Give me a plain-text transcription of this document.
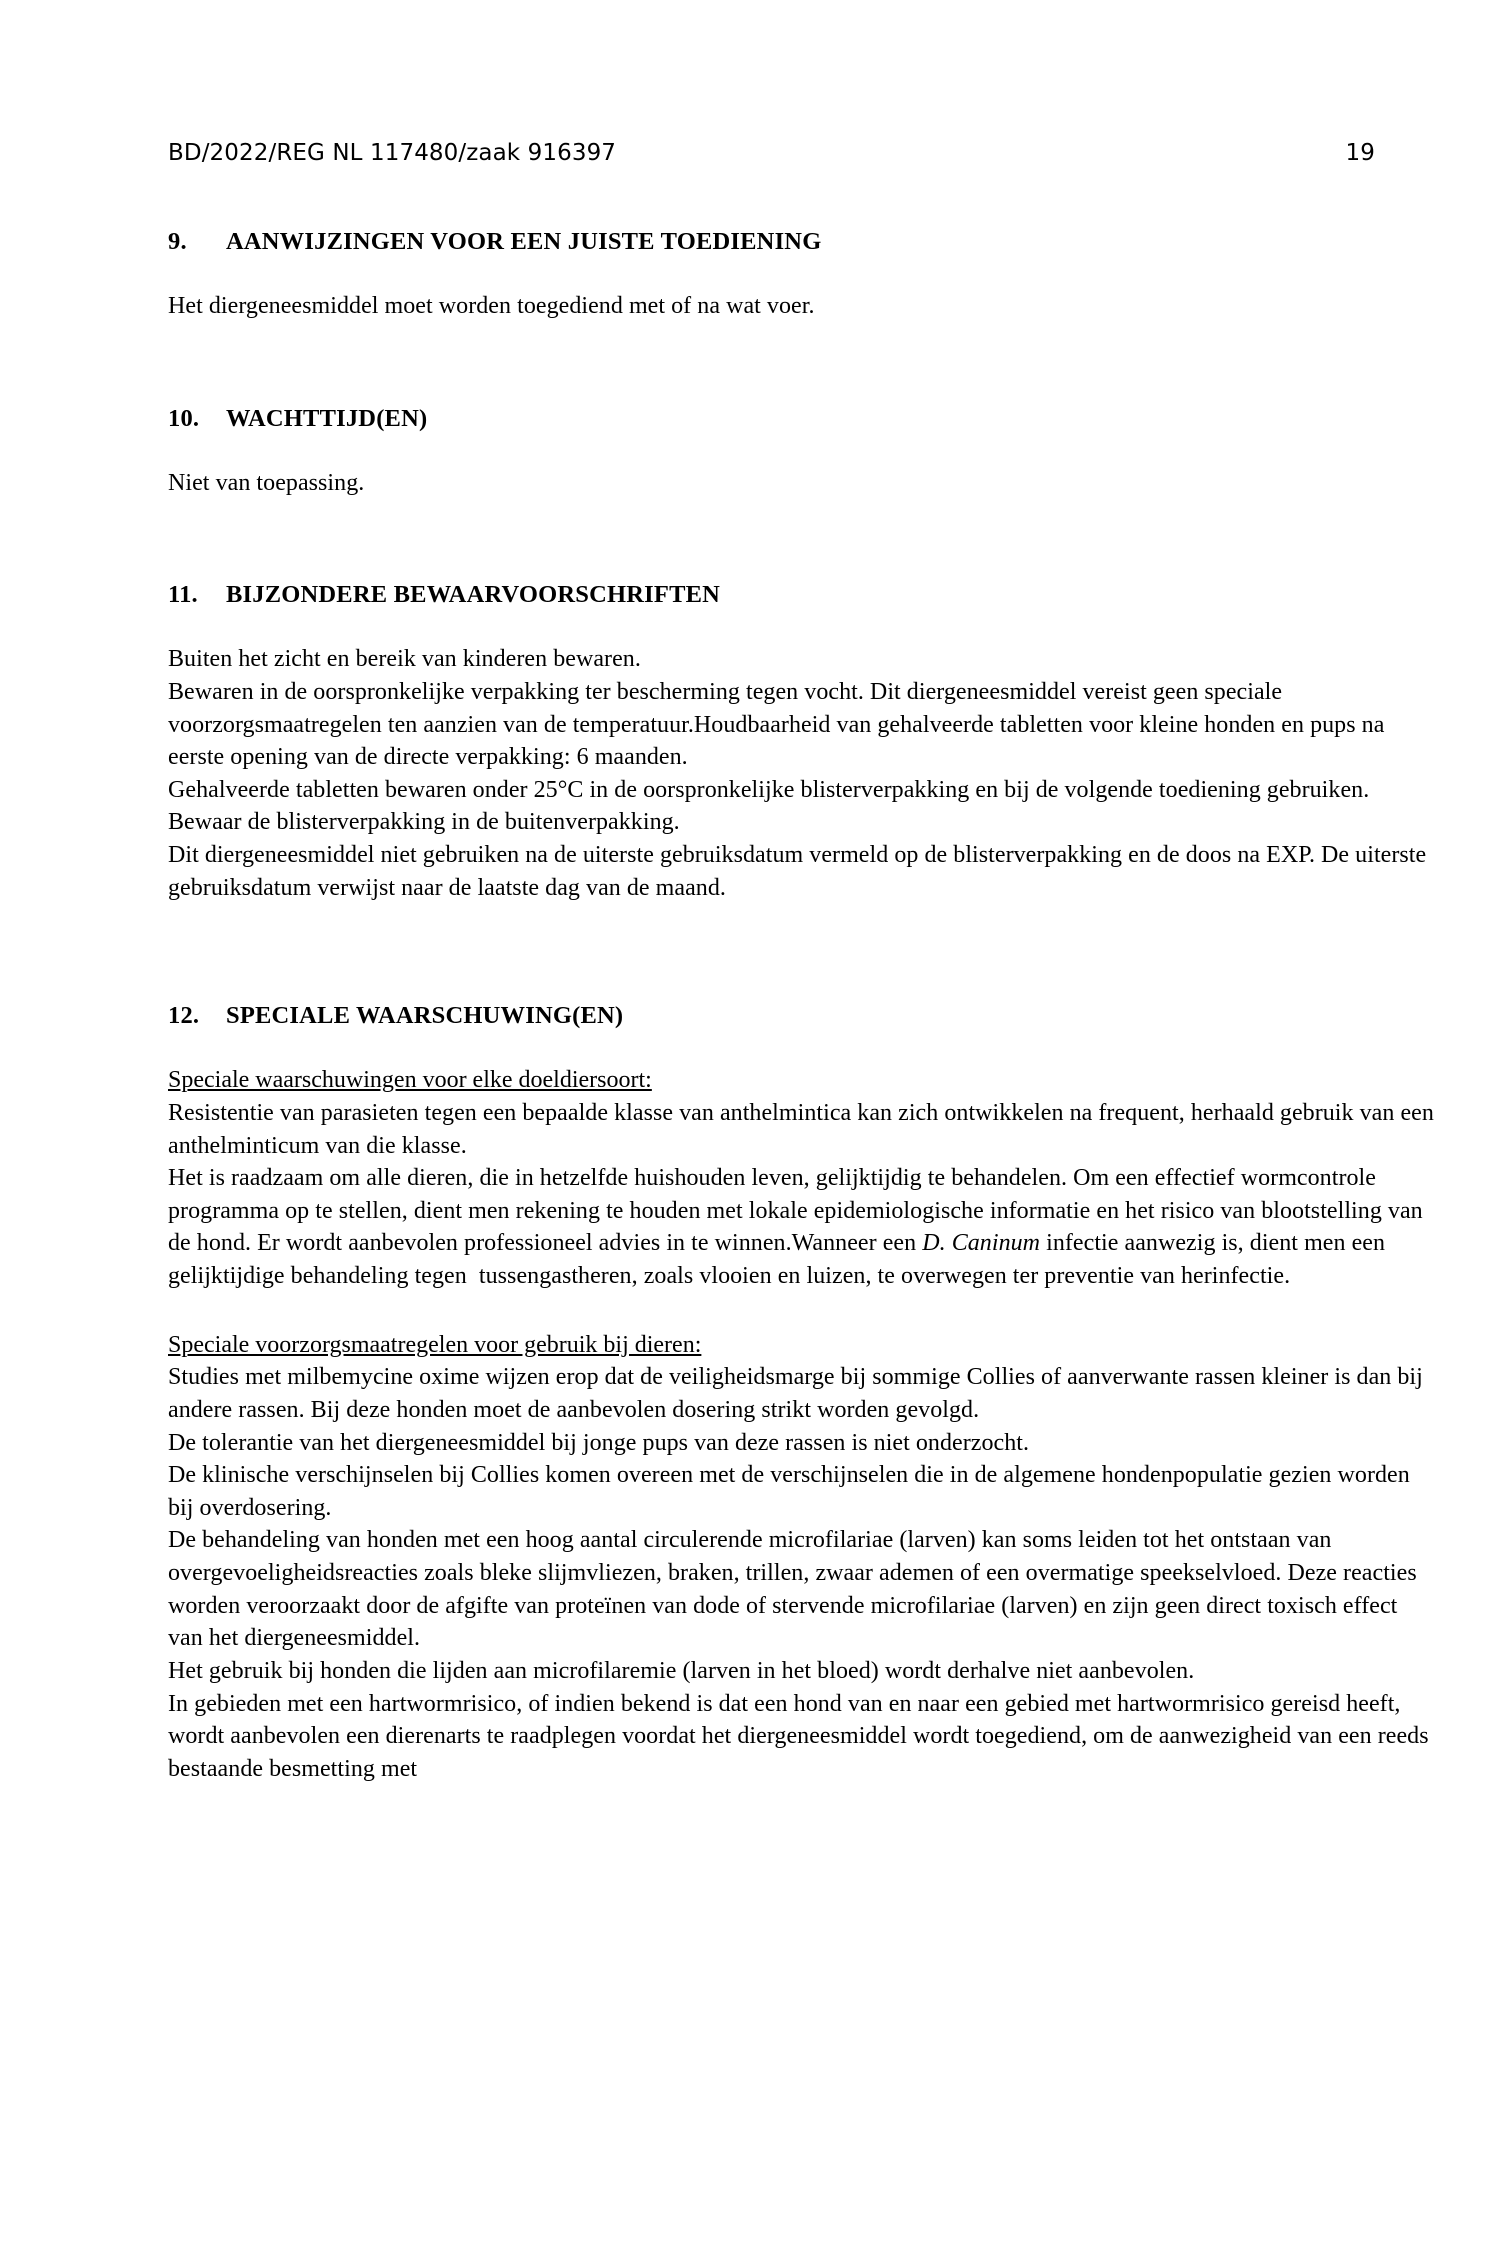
BD/2022/REG NL 117480/zaak 916397	19
9.	AANWIJZINGEN VOOR EEN JUISTE TOEDIENING

Het diergeneesmiddel moet worden toegediend met of na wat voer.

10.	WACHTTIJD(EN)

Niet van toepassing.

11.	BIJZONDERE BEWAARVOORSCHRIFTEN

Buiten het zicht en bereik van kinderen bewaren.

Bewaren in de oorspronkelijke verpakking ter bescherming tegen vocht. Dit diergeneesmiddel vereist geen speciale voorzorgsmaatregelen ten aanzien van de temperatuur.Houdbaarheid van gehalveerde tabletten voor kleine honden en pups na eerste opening van de directe verpakking: 6 maanden.

Gehalveerde tabletten bewaren onder 25°C in de oorspronkelijke blisterverpakking en bij de volgende toediening gebruiken.

Bewaar de blisterverpakking in de buitenverpakking.

Dit diergeneesmiddel niet gebruiken na de uiterste gebruiksdatum vermeld op de blisterverpakking en de doos na EXP. De uiterste gebruiksdatum verwijst naar de laatste dag van de maand.

12.	SPECIALE WAARSCHUWING(EN)
Speciale waarschuwingen voor elke doeldiersoort:

Resistentie van parasieten tegen een bepaalde klasse van anthelmintica kan zich ontwikkelen na frequent, herhaald gebruik van een anthelminticum van die klasse.

Het is raadzaam om alle dieren, die in hetzelfde huishouden leven, gelijktijdig te behandelen. Om een effectief wormcontrole programma op te stellen, dient men rekening te houden met lokale epidemiologische informatie en het risico van blootstelling van de hond. Er wordt aanbevolen professioneel advies in te winnen.Wanneer een D. Caninum infectie aanwezig is, dient men een gelijktijdige behandeling tegen  tussengastheren, zoals vlooien en luizen, te overwegen ter preventie van herinfectie.

Speciale voorzorgsmaatregelen voor gebruik bij dieren:

Studies met milbemycine oxime wijzen erop dat de veiligheidsmarge bij sommige Collies of aanverwante rassen kleiner is dan bij andere rassen. Bij deze honden moet de aanbevolen dosering strikt worden gevolgd.

De tolerantie van het diergeneesmiddel bij jonge pups van deze rassen is niet onderzocht.

De klinische verschijnselen bij Collies komen overeen met de verschijnselen die in de algemene hondenpopulatie gezien worden bij overdosering.

De behandeling van honden met een hoog aantal circulerende microfilariae (larven) kan soms leiden tot het ontstaan van overgevoeligheidsreacties zoals bleke slijmvliezen, braken, trillen, zwaar ademen of een overmatige speekselvloed. Deze reacties worden veroorzaakt door de afgifte van proteïnen van dode of stervende microfilariae (larven) en zijn geen direct toxisch effect van het diergeneesmiddel.

Het gebruik bij honden die lijden aan microfilaremie (larven in het bloed) wordt derhalve niet aanbevolen.

In gebieden met een hartwormrisico, of indien bekend is dat een hond van en naar een gebied met hartwormrisico gereisd heeft, wordt aanbevolen een dierenarts te raadplegen voordat het diergeneesmiddel wordt toegediend, om de aanwezigheid van een reeds bestaande besmetting met
